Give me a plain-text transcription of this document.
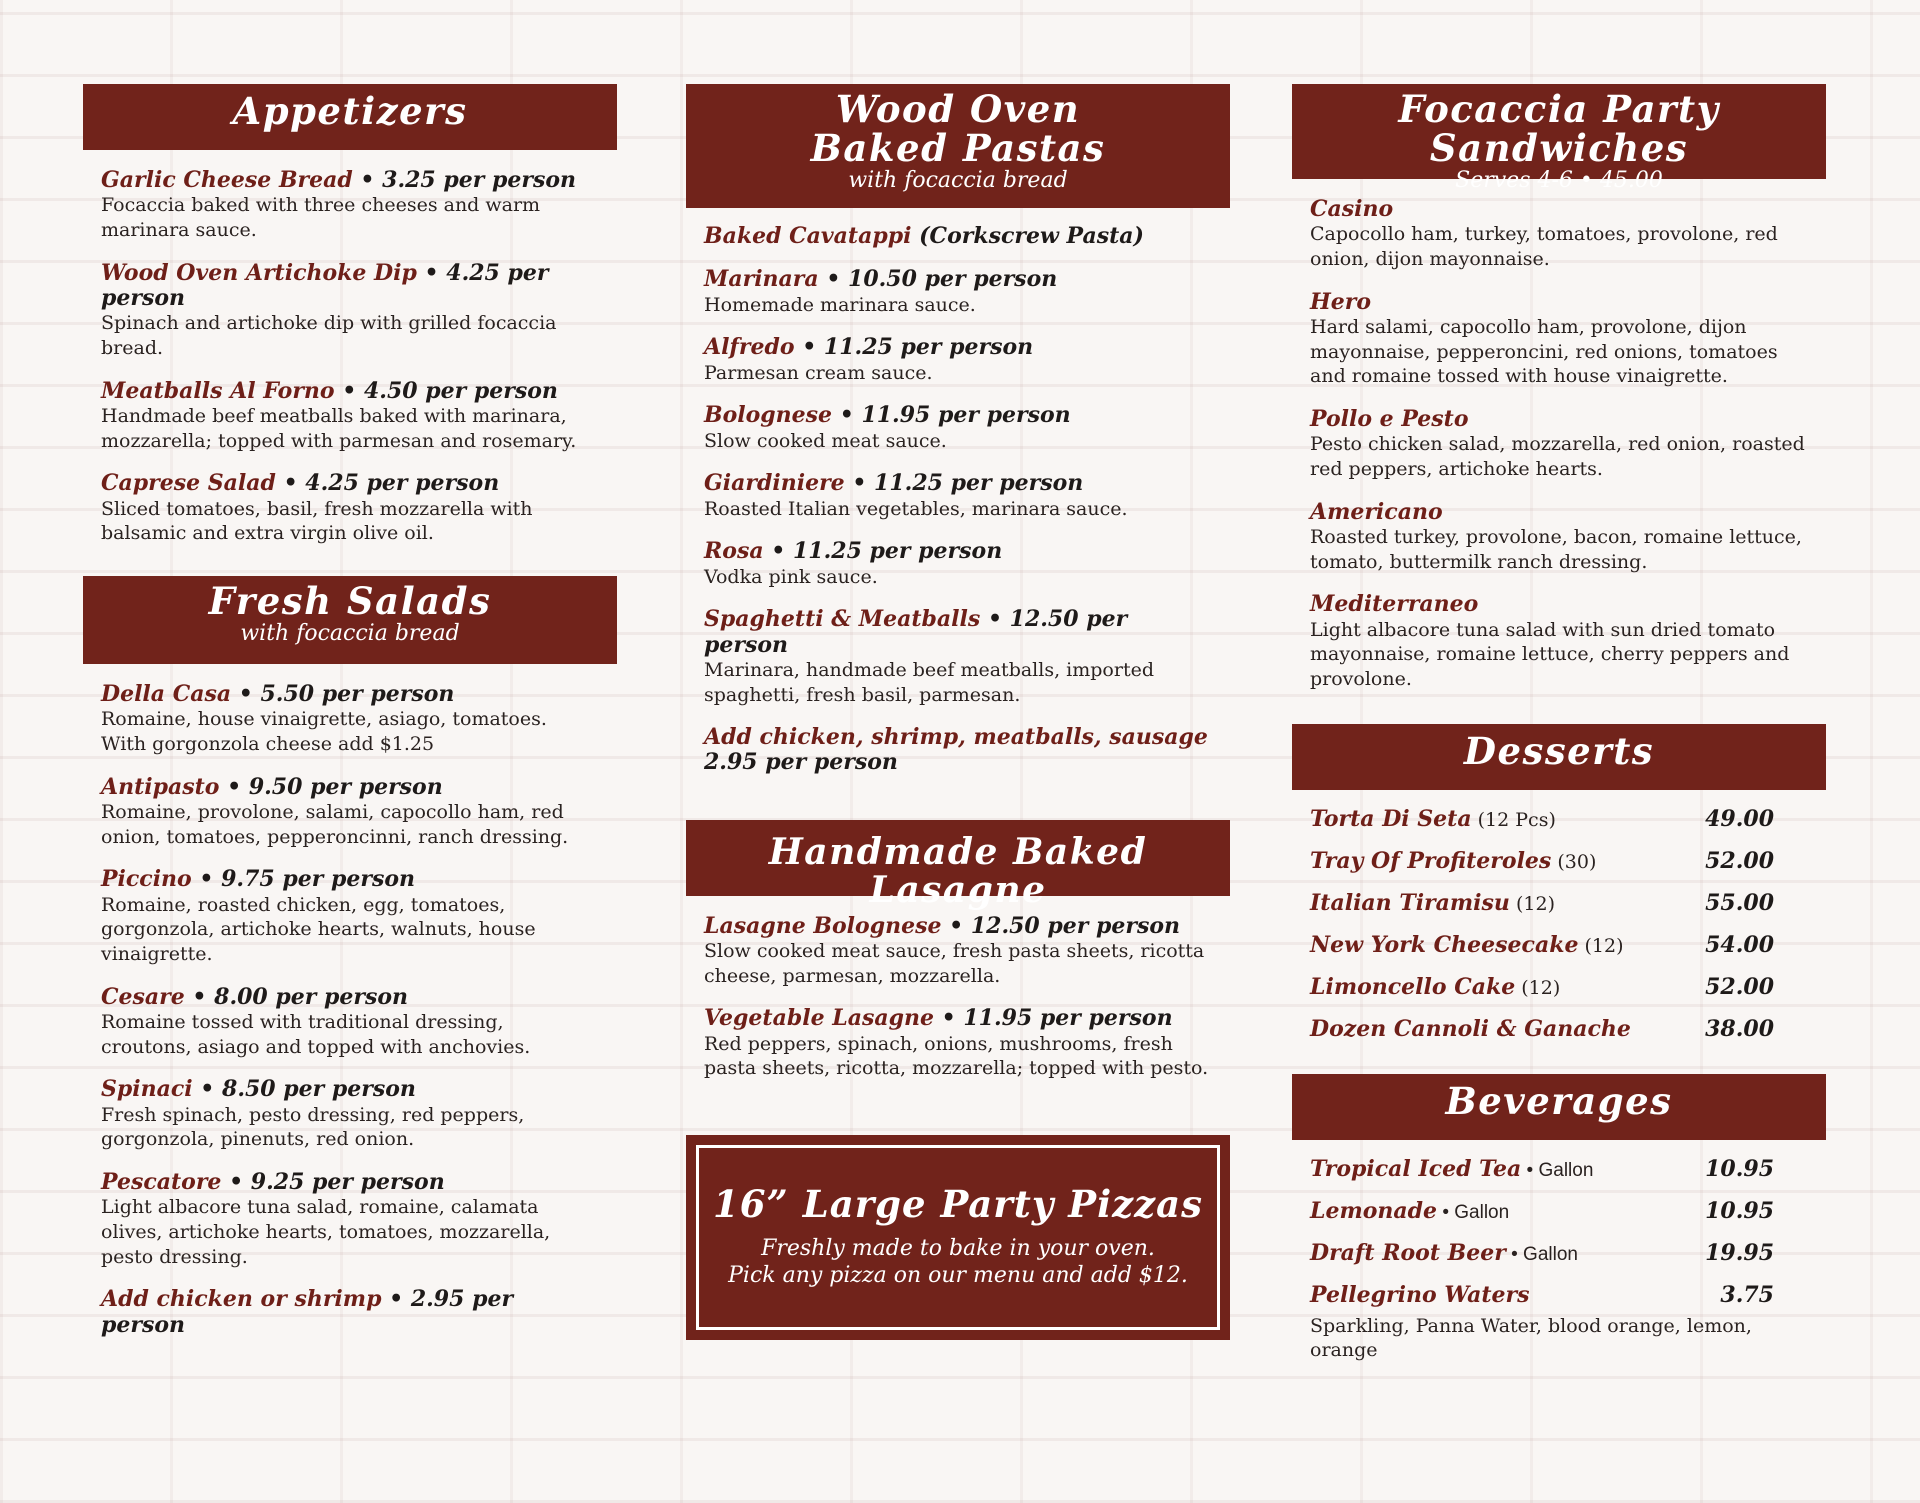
Appetizers
Garlic Cheese Bread • 3.25 per person
Focaccia baked with three cheeses and warm marinara sauce.
Wood Oven Artichoke Dip • 4.25 per person
Spinach and artichoke dip with grilled focaccia bread.
Meatballs Al Forno • 4.50 per person
Handmade beef meatballs baked with marinara, mozzarella; topped with parmesan and rosemary.
Caprese Salad • 4.25 per person
Sliced tomatoes, basil, fresh mozzarella with balsamic and extra virgin olive oil.
Fresh Salads
with focaccia bread
Della Casa • 5.50 per person
Romaine, house vinaigrette, asiago, tomatoes. With gorgonzola cheese add $1.25
Antipasto • 9.50 per person
Romaine, provolone, salami, capocollo ham, red onion, tomatoes, pepperoncinni, ranch dressing.
Piccino • 9.75 per person
Romaine, roasted chicken, egg, tomatoes, gorgonzola, artichoke hearts, walnuts, house vinaigrette.
Cesare • 8.00 per person
Romaine tossed with traditional dressing, croutons, asiago and topped with anchovies.
Spinaci • 8.50 per person
Fresh spinach, pesto dressing, red peppers, gorgonzola, pinenuts, red onion.
Pescatore • 9.25 per person
Light albacore tuna salad, romaine, calamata olives, artichoke hearts, tomatoes, mozzarella, pesto dressing.
Add chicken or shrimp • 2.95 per person
Wood Oven
Baked Pastas
with focaccia bread
Baked Cavatappi (Corkscrew Pasta)
Marinara • 10.50 per person
Homemade marinara sauce.
Alfredo • 11.25 per person
Parmesan cream sauce.
Bolognese • 11.95 per person
Slow cooked meat sauce.
Giardiniere • 11.25 per person
Roasted Italian vegetables, marinara sauce.
Rosa • 11.25 per person
Vodka pink sauce.
Spaghetti & Meatballs • 12.50 per person
Marinara, handmade beef meatballs, imported spaghetti, fresh basil, parmesan.
Add chicken, shrimp, meatballs, sausage
2.95 per person
Handmade Baked Lasagne
Lasagne Bolognese • 12.50 per person
Slow cooked meat sauce, fresh pasta sheets, ricotta cheese, parmesan, mozzarella.
Vegetable Lasagne • 11.95 per person
Red peppers, spinach, onions, mushrooms, fresh pasta sheets, ricotta, mozzarella; topped with pesto.
16” Large Party Pizzas
Freshly made to bake in your oven.
Pick any pizza on our menu and add $12.
Focaccia Party Sandwiches
Serves 4-6 • 45.00
Casino
Capocollo ham, turkey, tomatoes, provolone, red onion, dijon mayonnaise.
Hero
Hard salami, capocollo ham, provolone, dijon mayonnaise, pepperoncini, red onions, tomatoes and romaine tossed with house vinaigrette.
Pollo e Pesto
Pesto chicken salad, mozzarella, red onion, roasted red peppers, artichoke hearts.
Americano
Roasted turkey, provolone, bacon, romaine lettuce, tomato, buttermilk ranch dressing.
Mediterraneo
Light albacore tuna salad with sun dried tomato mayonnaise, romaine lettuce, cherry peppers and provolone.
Desserts
Torta Di Seta (12 Pcs)	49.00
Tray Of Profiteroles (30)	52.00
Italian Tiramisu (12)	55.00
New York Cheesecake (12)	54.00
Limoncello Cake (12)	52.00
Dozen Cannoli & Ganache	38.00
Beverages
Tropical Iced Tea • Gallon	10.95
Lemonade • Gallon	10.95
Draft Root Beer • Gallon	19.95
Pellegrino Waters	3.75
Sparkling, Panna Water, blood orange, lemon, orange
